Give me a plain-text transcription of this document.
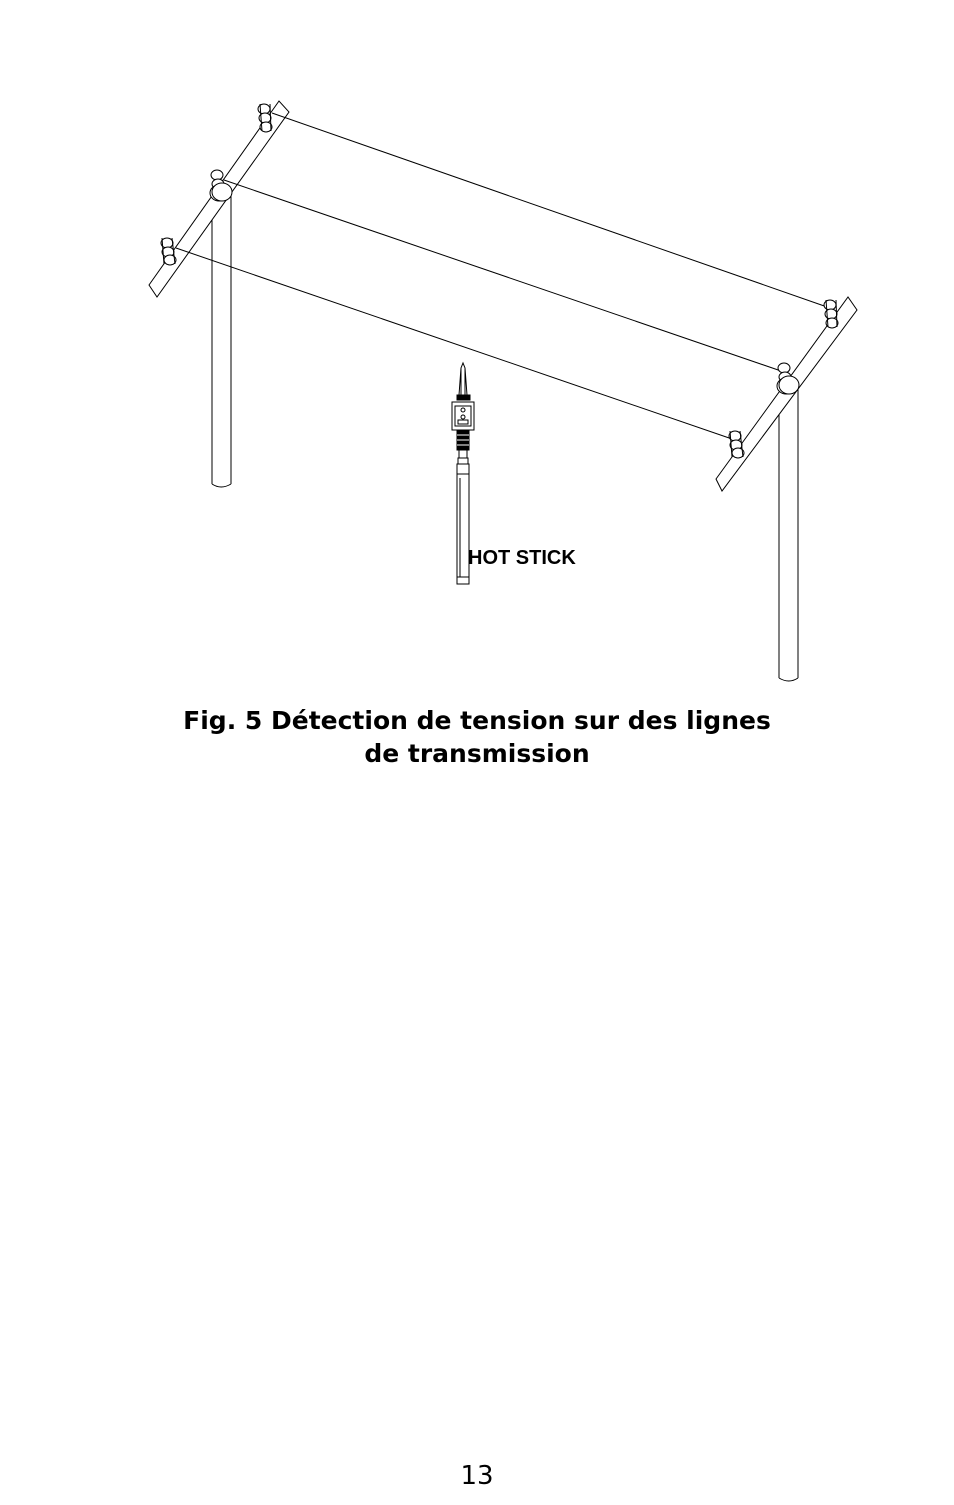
HOT STICK
Fig. 5 Détection de tension sur des lignes
de transmission
13
